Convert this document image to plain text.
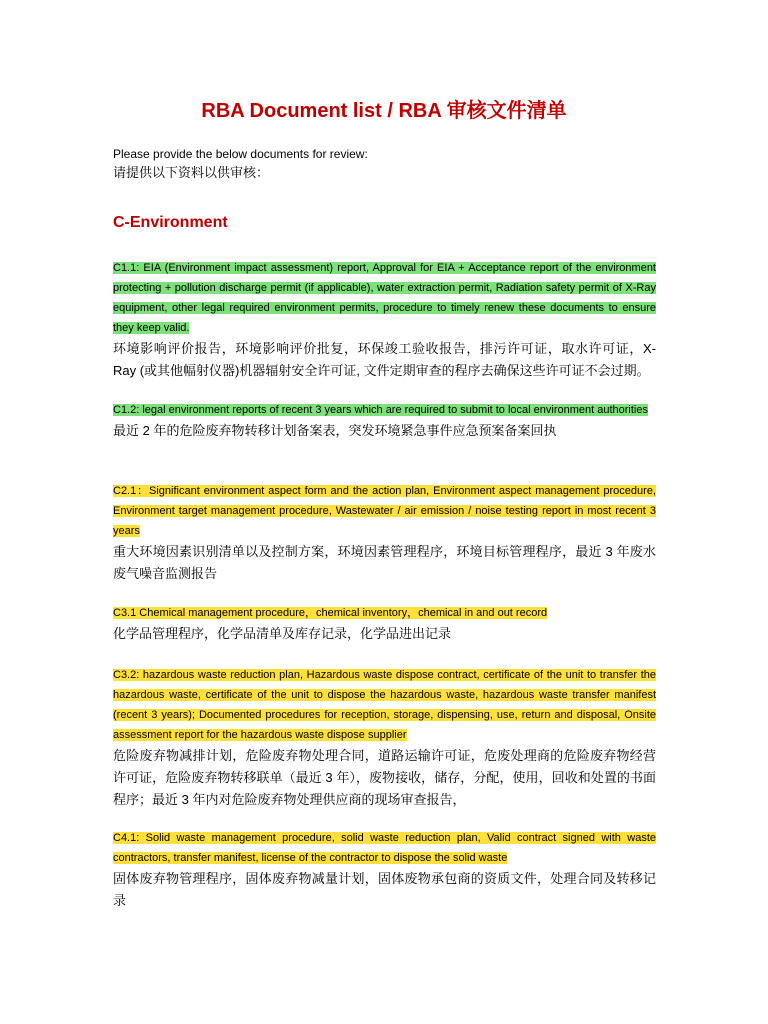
RBA Document list / RBA 审核文件清单
Please provide the below documents for review:
请提供以下资料以供审核：
C-Environment

C1.1: EIA (Environment impact assessment) report, Approval for EIA + Acceptance report of the environment protecting + pollution discharge permit (if applicable), water extraction permit, Radiation safety permit of X-Ray equipment, other legal required environment permits, procedure to timely renew these documents to ensure they keep valid.

环境影响评价报告，环境影响评价批复，环保竣工验收报告，排污许可证，取水许可证，X-Ray (或其他幅射仪器)机器辐射安全许可证, 文件定期审查的程序去确保这些许可证不会过期。

C1.2: legal environment reports of recent 3 years which are required to submit to local environment authorities

最近 2 年的危险废弃物转移计划备案表，突发环境紧急事件应急预案备案回执

C2.1：Significant environment aspect form and the action plan, Environment aspect management procedure, Environment target management procedure, Wastewater / air emission / noise testing report in most recent 3 years

重大环境因素识别清单以及控制方案，环境因素管理程序，环境目标管理程序，最近 3 年废水废气噪音监测报告

C3.1 Chemical management procedure，chemical inventory，chemical in and out record

化学品管理程序，化学品清单及库存记录，化学品进出记录

C3.2: hazardous waste reduction plan, Hazardous waste dispose contract, certificate of the unit to transfer the hazardous waste, certificate of the unit to dispose the hazardous waste, hazardous waste transfer manifest (recent 3 years); Documented procedures for reception, storage, dispensing, use, return and disposal, Onsite assessment report for the hazardous waste dispose supplier

危险废弃物减排计划，危险废弃物处理合同，道路运输许可证，危废处理商的危险废弃物经营许可证，危险废弃物转移联单（最近 3 年），废物接收，储存，分配，使用，回收和处置的书面程序；最近 3 年内对危险废弃物处理供应商的现场审查报告，

C4.1: Solid waste management procedure, solid waste reduction plan, Valid contract signed with waste contractors, transfer manifest, license of the contractor to dispose the solid waste

固体废弃物管理程序，固体废弃物减量计划，固体废物承包商的资质文件，处理合同及转移记录
